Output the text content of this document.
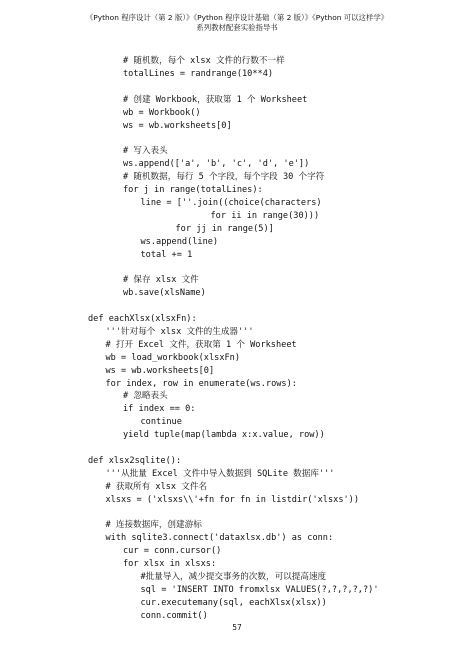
《Python 程序设计（第 2 版）》《Python 程序设计基础（第 2 版）》《Python 可以这样学》
系列教材配套实验指导书
# 随机数，每个 xlsx 文件的行数不一样
totalLines = randrange(10**4)
# 创建 Workbook，获取第 1 个 Worksheet
wb = Workbook()
ws = wb.worksheets[0]
# 写入表头
ws.append(['a', 'b', 'c', 'd', 'e'])
# 随机数据，每行 5 个字段，每个字段 30 个字符
for j in range(totalLines):
line = [''.join((choice(characters)
for ii in range(30)))
for jj in range(5)]
ws.append(line)
total += 1
# 保存 xlsx 文件
wb.save(xlsName)
def eachXlsx(xlsxFn):
'''针对每个 xlsx 文件的生成器'''
# 打开 Excel 文件，获取第 1 个 Worksheet
wb = load_workbook(xlsxFn)
ws = wb.worksheets[0]
for index, row in enumerate(ws.rows):
# 忽略表头
if index == 0:
continue
yield tuple(map(lambda x:x.value, row))
def xlsx2sqlite():
'''从批量 Excel 文件中导入数据到 SQLite 数据库'''
# 获取所有 xlsx 文件名
xlsxs = ('xlsxs\\'+fn for fn in listdir('xlsxs'))
# 连接数据库，创建游标
with sqlite3.connect('dataxlsx.db') as conn:
cur = conn.cursor()
for xlsx in xlsxs:
#批量导入，减少提交事务的次数，可以提高速度
sql = 'INSERT INTO fromxlsx VALUES(?,?,?,?,?)'
cur.executemany(sql, eachXlsx(xlsx))
conn.commit()
57
